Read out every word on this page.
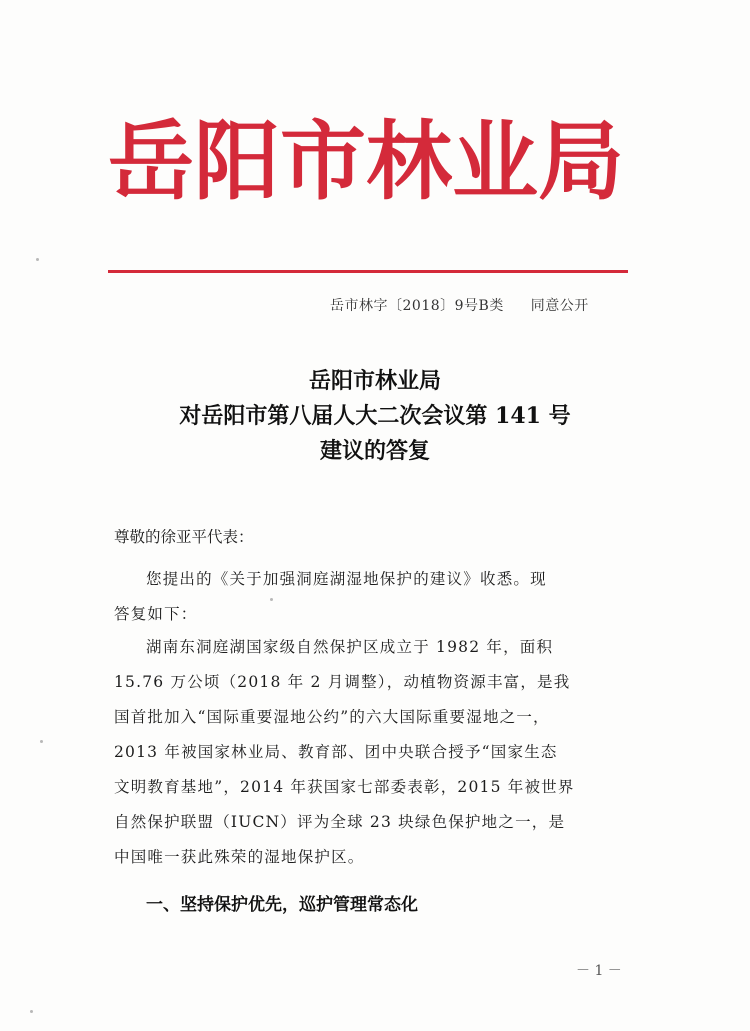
岳阳市林业局
岳市林字〔2018〕9号B类 同意公开
岳阳市林业局
对岳阳市第八届人大二次会议第 141 号
建议的答复
尊敬的徐亚平代表：
您提出的《关于加强洞庭湖湿地保护的建议》收悉。现
答复如下：
湖南东洞庭湖国家级自然保护区成立于 1982 年，面积
15.76 万公顷（2018 年 2 月调整），动植物资源丰富，是我
国首批加入“国际重要湿地公约”的六大国际重要湿地之一，
2013 年被国家林业局、教育部、团中央联合授予“国家生态
文明教育基地”，2014 年获国家七部委表彰，2015 年被世界
自然保护联盟（IUCN）评为全球 23 块绿色保护地之一，是
中国唯一获此殊荣的湿地保护区。
一、坚持保护优先，巡护管理常态化
－ 1 －
